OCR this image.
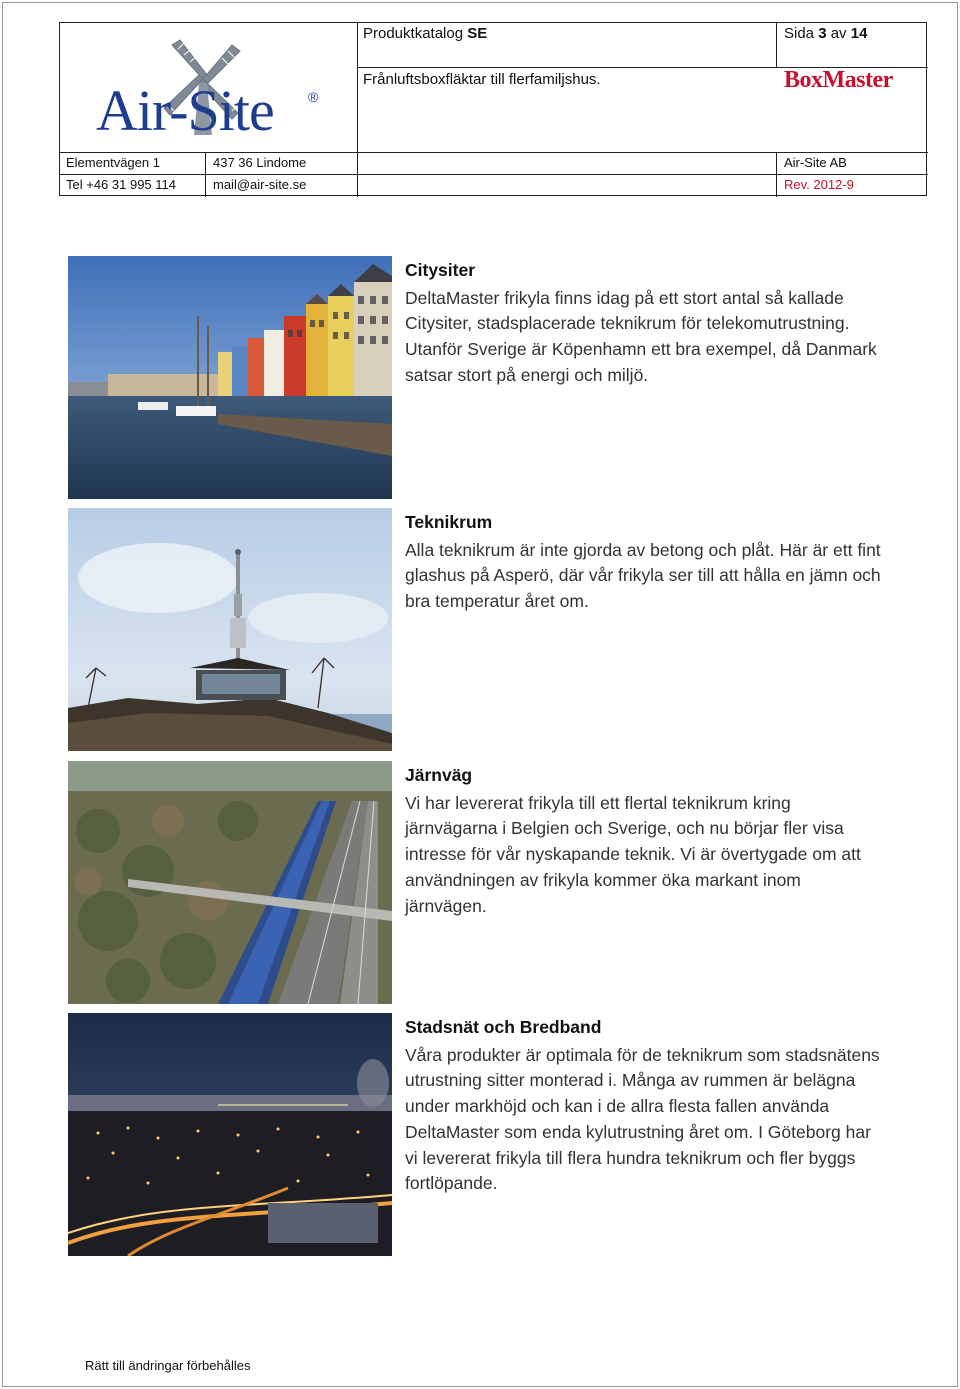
Air-Site ®
Produktkatalog SE	Sida 3 av 14
Frånluftsboxfläktar till flerfamiljshus.	BoxMaster
Elementvägen 1	437 36 Lindome	Air-Site AB
Tel +46 31 995 114	mail@air-site.se	Rev. 2012-9
Citysiter

DeltaMaster frikyla finns idag på ett stort antal så kallade Citysiter, stadsplacerade teknikrum för telekomutrustning. Utanför Sverige är Köpenhamn ett bra exempel, då Danmark satsar stort på energi och miljö.

Teknikrum

Alla teknikrum är inte gjorda av betong och plåt. Här är ett fint glashus på Asperö, där vår frikyla ser till att hålla en jämn och bra temperatur året om.

Järnväg

Vi har levererat frikyla till ett flertal teknikrum kring järnvägarna i Belgien och Sverige, och nu börjar fler visa intresse för vår nyskapande teknik. Vi är övertygade om att användningen av frikyla kommer öka markant inom järnvägen.

Stadsnät och Bredband

Våra produkter är optimala för de teknikrum som stadsnätens utrustning sitter monterad i. Många av rummen är belägna under markhöjd och kan i de allra flesta fallen använda DeltaMaster som enda kylutrustning året om. I Göteborg har vi levererat frikyla till flera hundra teknikrum och fler byggs fortlöpande.

Rätt till ändringar förbehålles
